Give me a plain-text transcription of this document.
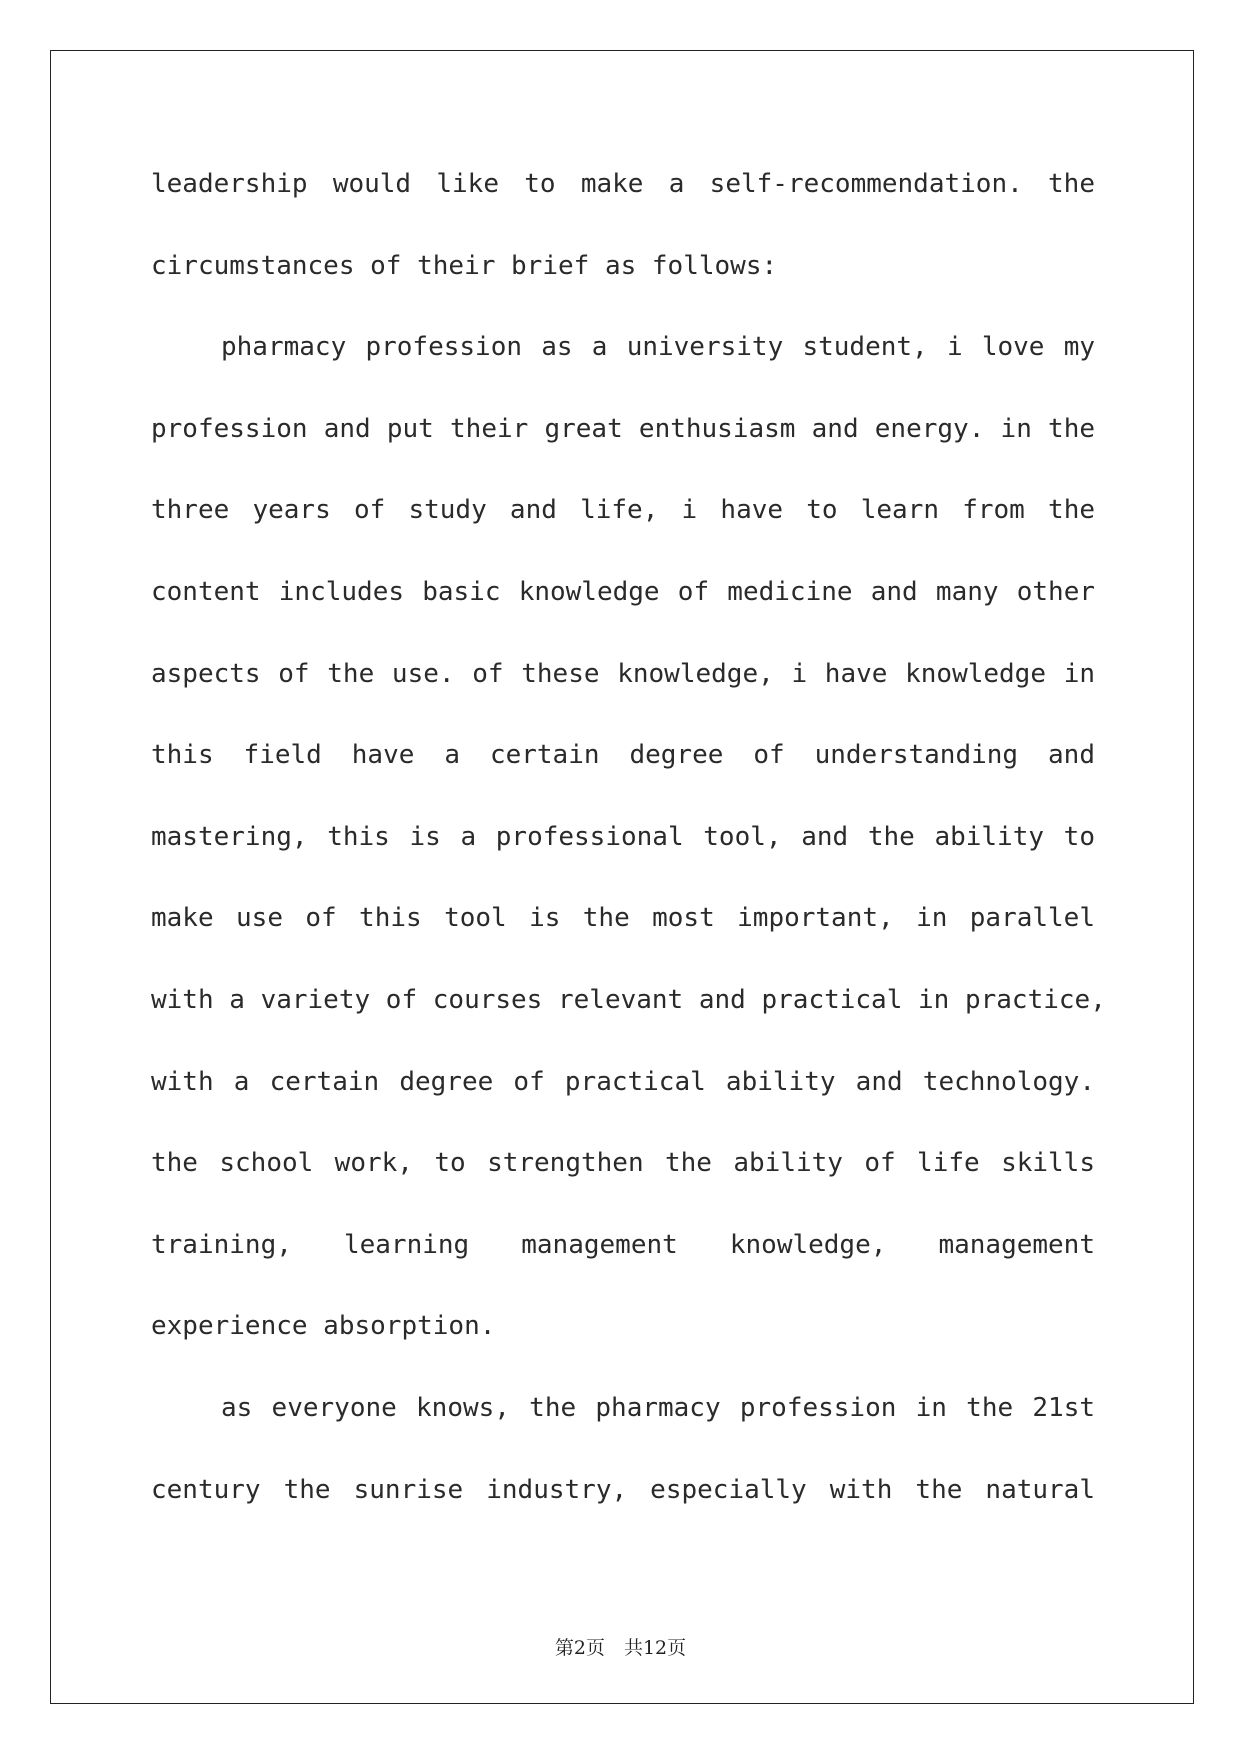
leadership would like to make a self-recommendation. the
circumstances of their brief as follows:
pharmacy profession as a university student, i love my
profession and put their great enthusiasm and energy. in the
three years of study and life, i have to learn from the
content includes basic knowledge of medicine and many other
aspects of the use. of these knowledge, i have knowledge in
this field have a certain degree of understanding and
mastering, this is a professional tool, and the ability to
make use of this tool is the most important, in parallel
with a variety of courses relevant and practical in practice,
with a certain degree of practical ability and technology.
the school work, to strengthen the ability of life skills
training, learning management knowledge, management
experience absorption.
as everyone knows, the pharmacy profession in the 21st
century the sunrise industry, especially with the natural
第2页　共12页
